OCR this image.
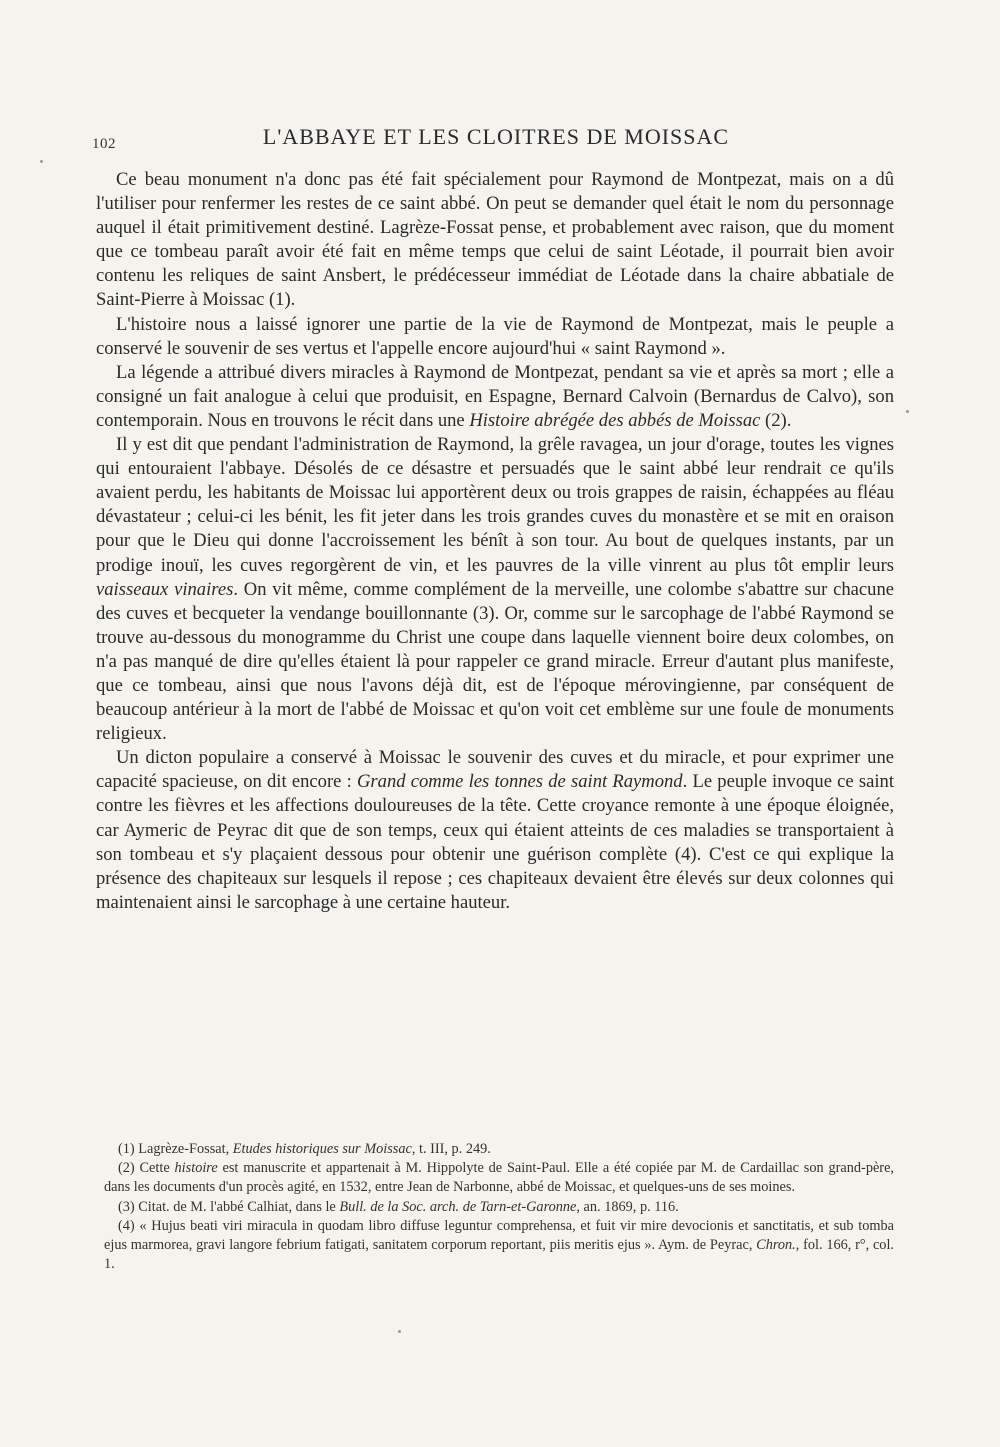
102	L'ABBAYE ET LES CLOITRES DE MOISSAC

Ce beau monument n'a donc pas été fait spécialement pour Raymond de Montpezat, mais on a dû l'utiliser pour renfermer les restes de ce saint abbé. On peut se demander quel était le nom du personnage auquel il était primitivement destiné. Lagrèze-Fossat pense, et probablement avec raison, que du moment que ce tombeau paraît avoir été fait en même temps que celui de saint Léotade, il pourrait bien avoir contenu les reliques de saint Ansbert, le prédécesseur immédiat de Léotade dans la chaire abbatiale de Saint-Pierre à Moissac (1).

L'histoire nous a laissé ignorer une partie de la vie de Raymond de Montpezat, mais le peuple a conservé le souvenir de ses vertus et l'appelle encore aujourd'hui « saint Raymond ».

La légende a attribué divers miracles à Raymond de Montpezat, pendant sa vie et après sa mort ; elle a consigné un fait analogue à celui que produisit, en Espagne, Bernard Calvoin (Bernardus de Calvo), son contemporain. Nous en trouvons le récit dans une Histoire abrégée des abbés de Moissac (2).

Il y est dit que pendant l'administration de Raymond, la grêle ravagea, un jour d'orage, toutes les vignes qui entouraient l'abbaye. Désolés de ce désastre et persuadés que le saint abbé leur rendrait ce qu'ils avaient perdu, les habitants de Moissac lui apportèrent deux ou trois grappes de raisin, échappées au fléau dévastateur ; celui-ci les bénit, les fit jeter dans les trois grandes cuves du monastère et se mit en oraison pour que le Dieu qui donne l'accroissement les bénît à son tour. Au bout de quelques instants, par un prodige inouï, les cuves regorgèrent de vin, et les pauvres de la ville vinrent au plus tôt emplir leurs vaisseaux vinaires. On vit même, comme complément de la merveille, une colombe s'abattre sur chacune des cuves et becqueter la vendange bouillonnante (3). Or, comme sur le sarcophage de l'abbé Raymond se trouve au-dessous du monogramme du Christ une coupe dans laquelle viennent boire deux colombes, on n'a pas manqué de dire qu'elles étaient là pour rappeler ce grand miracle. Erreur d'autant plus manifeste, que ce tombeau, ainsi que nous l'avons déjà dit, est de l'époque mérovingienne, par conséquent de beaucoup antérieur à la mort de l'abbé de Moissac et qu'on voit cet emblème sur une foule de monuments religieux.

Un dicton populaire a conservé à Moissac le souvenir des cuves et du miracle, et pour exprimer une capacité spacieuse, on dit encore : Grand comme les tonnes de saint Raymond. Le peuple invoque ce saint contre les fièvres et les affections douloureuses de la tête. Cette croyance remonte à une époque éloignée, car Aymeric de Peyrac dit que de son temps, ceux qui étaient atteints de ces maladies se transportaient à son tombeau et s'y plaçaient dessous pour obtenir une guérison complète (4). C'est ce qui explique la présence des chapiteaux sur lesquels il repose ; ces chapiteaux devaient être élevés sur deux colonnes qui maintenaient ainsi le sarcophage à une certaine hauteur.

(1) Lagrèze-Fossat, Etudes historiques sur Moissac, t. III, p. 249.

(2) Cette histoire est manuscrite et appartenait à M. Hippolyte de Saint-Paul. Elle a été copiée par M. de Cardaillac son grand-père, dans les documents d'un procès agité, en 1532, entre Jean de Narbonne, abbé de Moissac, et quelques-uns de ses moines.

(3) Citat. de M. l'abbé Calhiat, dans le Bull. de la Soc. arch. de Tarn-et-Garonne, an. 1869, p. 116.

(4) « Hujus beati viri miracula in quodam libro diffuse leguntur comprehensa, et fuit vir mire devocionis et sanctitatis, et sub tomba ejus marmorea, gravi langore febrium fatigati, sanitatem corporum reportant, piis meritis ejus ». Aym. de Peyrac, Chron., fol. 166, r°, col. 1.
